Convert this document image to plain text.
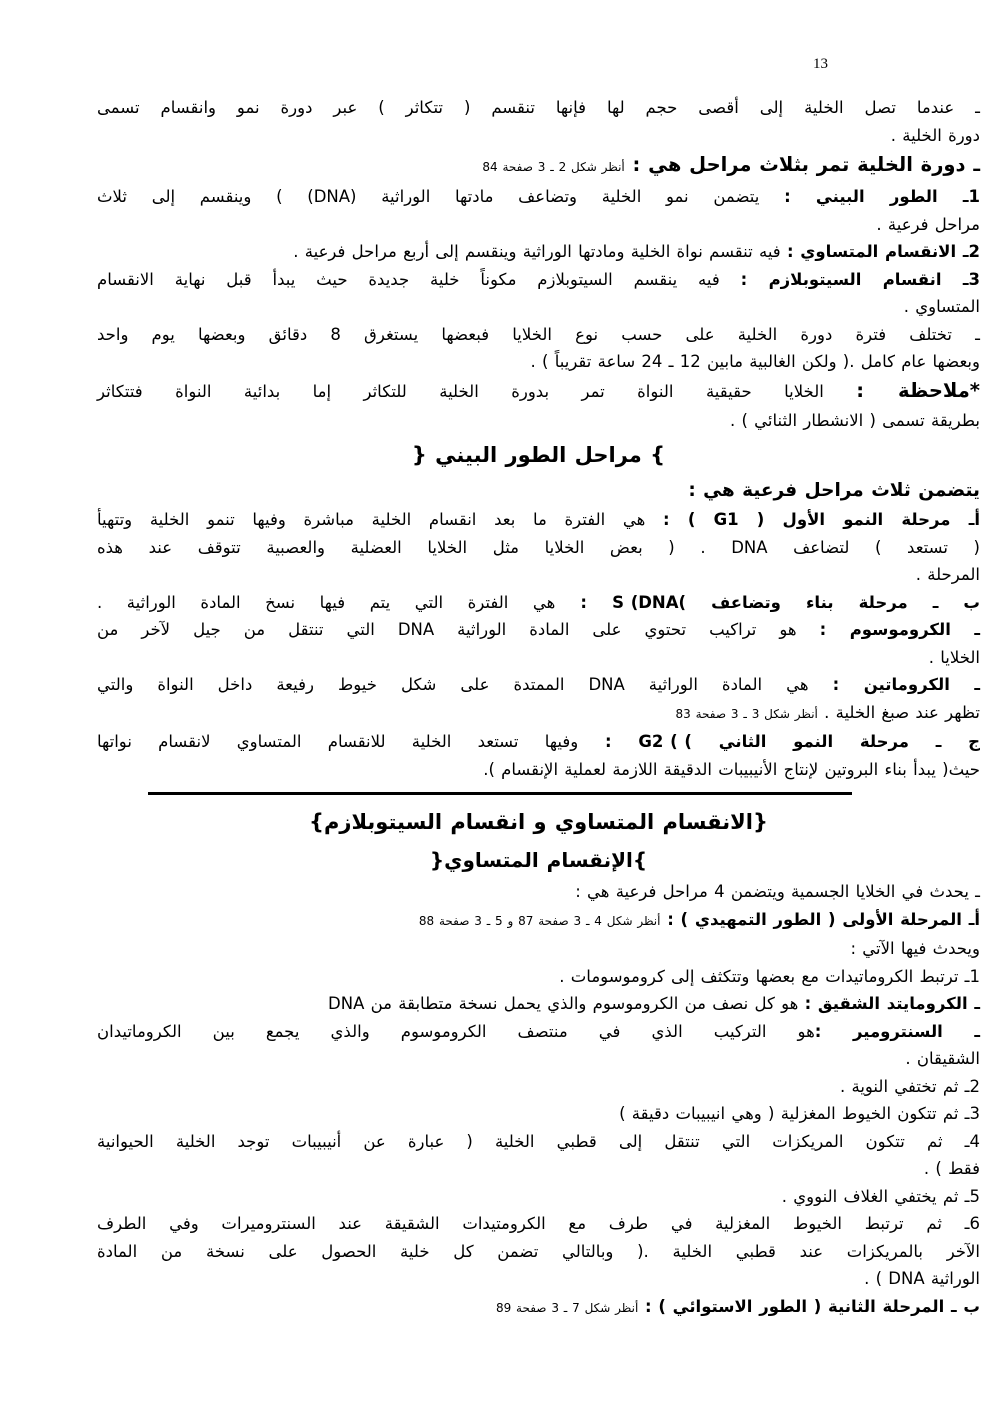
13
ـ عندما تصل الخلية إلى أقصى حجم لها فإنها تنقسم ( تتكاثر ) عبر دورة نمو وانقسام تسمى
دورة الخلية .
ـ دورة الخلية تمر بثلاث مراحل هي : أنظر شكل 2 ـ 3 صفحة 84
1ـ الطور البيني : يتضمن نمو الخلية وتضاعف مادتها الوراثية (DNA) ) وينقسم إلى ثلاث
مراحل فرعية .
2ـ الانقسام المتساوي : فيه تنقسم نواة الخلية ومادتها الوراثية وينقسم إلى أربع مراحل فرعية .
3ـ انقسام السيتوبلازم : فيه ينقسم السيتوبلازم مكوناً خلية جديدة حيث يبدأ قبل نهاية الانقسام
المتساوي .
ـ تختلف فترة دورة الخلية على حسب نوع الخلايا فبعضها يستغرق 8 دقائق وبعضها يوم واحد
وبعضها عام كامل .( ولكن الغالبية مابين 12 ـ 24 ساعة تقريباً ) .
*ملاحظة : الخلايا حقيقية النواة تمر بدورة الخلية للتكاثر إما بدائية النواة فتتكاثر
بطريقة تسمى ( الانشطار الثنائي ) .
{ مراحل الطور البيني }
يتضمن ثلاث مراحل فرعية هي :
أـ مرحلة النمو الأول ( G1 ) : هي الفترة ما بعد انقسام الخلية مباشرة وفيها تنمو الخلية وتتهيأ
( تستعد ) لتضاعف DNA . ( بعض الخلايا مثل الخلايا العضلية والعصبية تتوقف عند هذه
المرحلة .
ب ـ مرحلة بناء وتضاعف S (DNA( : هي الفترة التي يتم فيها نسخ المادة الوراثية .
ـ الكروموسوم : هو تراكيب تحتوي على المادة الوراثية DNA التي تنتقل من جيل لآخر من
الخلايا .
ـ الكروماتين : هي المادة الوراثية DNA الممتدة على شكل خيوط رفيعة داخل النواة والتي
تظهر عند صبغ الخلية . أنظر شكل 3 ـ 3 صفحة 83
ج ـ مرحلة النمو الثاني G2 ( ( : وفيها تستعد الخلية للانقسام المتساوي لانقسام نواتها
حيث( يبدأ بناء البروتين لإنتاج الأنيبيبات الدقيقة اللازمة لعملية الإنقسام ).
}الانقسام المتساوي و انقسام السيتوبلازم{
{الإنقسام المتساوي}
ـ يحدث في الخلايا الجسمية ويتضمن 4 مراحل فرعية هي :
أـ المرحلة الأولى ( الطور التمهيدي ) : أنظر شكل 4 ـ 3 صفحة 87 و 5 ـ 3 صفحة 88
ويحدث فيها الآتي :
1ـ ترتبط الكروماتيدات مع بعضها وتتكثف إلى كروموسومات .
ـ الكرومايتد الشقيق : هو كل نصف من الكروموسوم والذي يحمل نسخة متطابقة من DNA
ـ السنترومير :هو التركيب الذي في منتصف الكروموسوم والذي يجمع بين الكروماتيدان
الشقيقان .
2ـ ثم تختفي النوية .
3ـ ثم تتكون الخيوط المغزلية ( وهي انيبيبات دقيقة )
4ـ ثم تتكون المريكزات التي تنتقل إلى قطبي الخلية ( عبارة عن أنيبيبات توجد الخلية الحيوانية
فقط ) .
5ـ ثم يختفي الغلاف النووي .
6ـ ثم ترتبط الخيوط المغزلية في طرف مع الكرومتيدات الشقيقة عند السنتروميرات وفي الطرف
الآخر بالمريكزات عند قطبي الخلية .( وبالتالي تضمن كل خلية الحصول على نسخة من المادة
الوراثية DNA ) .
ب ـ المرحلة الثانية ( الطور الاستوائي ) : أنظر شكل 7 ـ 3 صفحة 89
